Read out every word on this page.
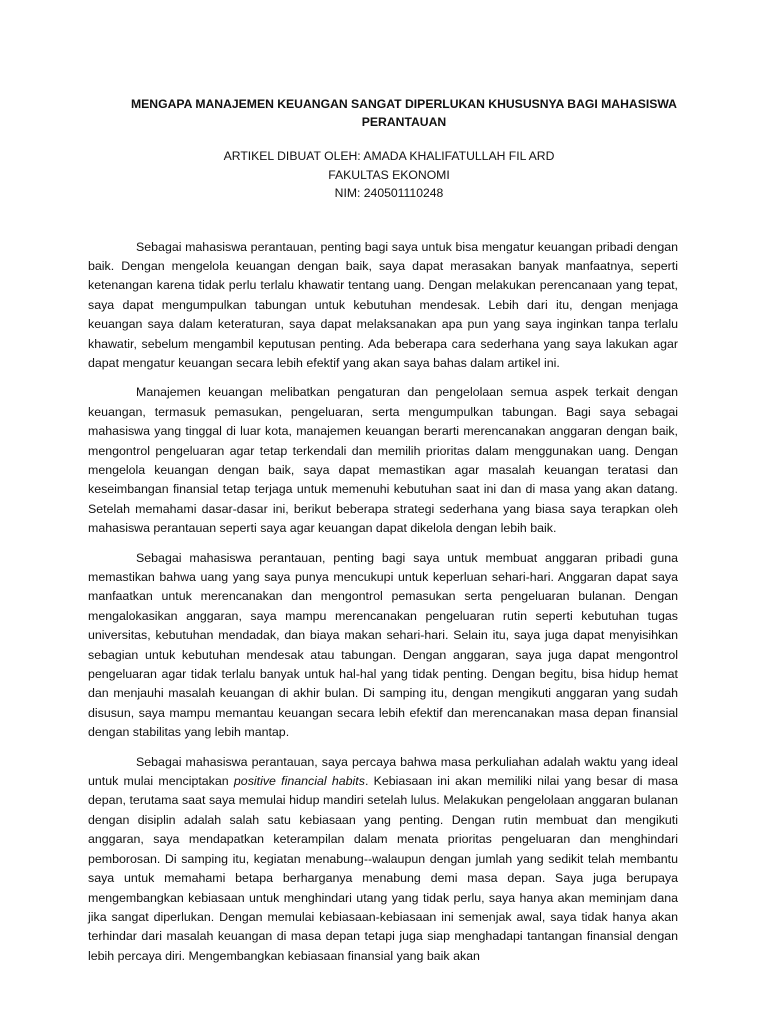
MENGAPA MANAJEMEN KEUANGAN SANGAT DIPERLUKAN KHUSUSNYA BAGI MAHASISWA PERANTAUAN
ARTIKEL DIBUAT OLEH: AMADA KHALIFATULLAH FIL ARD
FAKULTAS EKONOMI
NIM: 240501110248

Sebagai mahasiswa perantauan, penting bagi saya untuk bisa mengatur keuangan pribadi dengan baik. Dengan mengelola keuangan dengan baik, saya dapat merasakan banyak manfaatnya, seperti ketenangan karena tidak perlu terlalu khawatir tentang uang. Dengan melakukan perencanaan yang tepat, saya dapat mengumpulkan tabungan untuk kebutuhan mendesak. Lebih dari itu, dengan menjaga keuangan saya dalam keteraturan, saya dapat melaksanakan apa pun yang saya inginkan tanpa terlalu khawatir, sebelum mengambil keputusan penting. Ada beberapa cara sederhana yang saya lakukan agar dapat mengatur keuangan secara lebih efektif yang akan saya bahas dalam artikel ini.

Manajemen keuangan melibatkan pengaturan dan pengelolaan semua aspek terkait dengan keuangan, termasuk pemasukan, pengeluaran, serta mengumpulkan tabungan. Bagi saya sebagai mahasiswa yang tinggal di luar kota, manajemen keuangan berarti merencanakan anggaran dengan baik, mengontrol pengeluaran agar tetap terkendali dan memilih prioritas dalam menggunakan uang. Dengan mengelola keuangan dengan baik, saya dapat memastikan agar masalah keuangan teratasi dan keseimbangan finansial tetap terjaga untuk memenuhi kebutuhan saat ini dan di masa yang akan datang. Setelah memahami dasar-dasar ini, berikut beberapa strategi sederhana yang biasa saya terapkan oleh mahasiswa perantauan seperti saya agar keuangan dapat dikelola dengan lebih baik.

Sebagai mahasiswa perantauan, penting bagi saya untuk membuat anggaran pribadi guna memastikan bahwa uang yang saya punya mencukupi untuk keperluan sehari-hari. Anggaran dapat saya manfaatkan untuk merencanakan dan mengontrol pemasukan serta pengeluaran bulanan. Dengan mengalokasikan anggaran, saya mampu merencanakan pengeluaran rutin seperti kebutuhan tugas universitas, kebutuhan mendadak, dan biaya makan sehari-hari. Selain itu, saya juga dapat menyisihkan sebagian untuk kebutuhan mendesak atau tabungan. Dengan anggaran, saya juga dapat mengontrol pengeluaran agar tidak terlalu banyak untuk hal-hal yang tidak penting. Dengan begitu, bisa hidup hemat dan menjauhi masalah keuangan di akhir bulan. Di samping itu, dengan mengikuti anggaran yang sudah disusun, saya mampu memantau keuangan secara lebih efektif dan merencanakan masa depan finansial dengan stabilitas yang lebih mantap.

Sebagai mahasiswa perantauan, saya percaya bahwa masa perkuliahan adalah waktu yang ideal untuk mulai menciptakan positive financial habits. Kebiasaan ini akan memiliki nilai yang besar di masa depan, terutama saat saya memulai hidup mandiri setelah lulus. Melakukan pengelolaan anggaran bulanan dengan disiplin adalah salah satu kebiasaan yang penting. Dengan rutin membuat dan mengikuti anggaran, saya mendapatkan keterampilan dalam menata prioritas pengeluaran dan menghindari pemborosan. Di samping itu, kegiatan menabung--walaupun dengan jumlah yang sedikit telah membantu saya untuk memahami betapa berharganya menabung demi masa depan. Saya juga berupaya mengembangkan kebiasaan untuk menghindari utang yang tidak perlu, saya hanya akan meminjam dana jika sangat diperlukan. Dengan memulai kebiasaan-kebiasaan ini semenjak awal, saya tidak hanya akan terhindar dari masalah keuangan di masa depan tetapi juga siap menghadapi tantangan finansial dengan lebih percaya diri. Mengembangkan kebiasaan finansial yang baik akan
